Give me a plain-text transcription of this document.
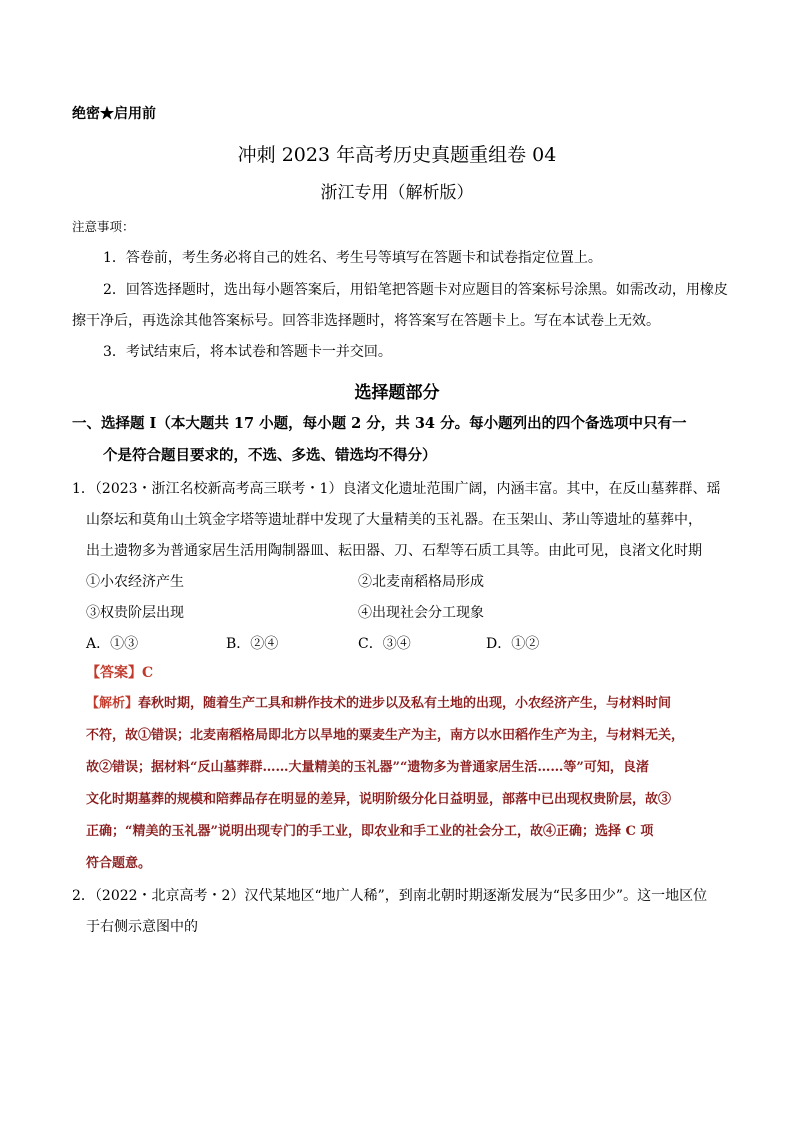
绝密★启用前
冲刺 2023 年高考历史真题重组卷 04
浙江专用（解析版）
注意事项：
1．答卷前，考生务必将自己的姓名、考生号等填写在答题卡和试卷指定位置上。
2．回答选择题时，选出每小题答案后，用铅笔把答题卡对应题目的答案标号涂黑。如需改动，用橡皮
擦干净后，再选涂其他答案标号。回答非选择题时，将答案写在答题卡上。写在本试卷上无效。
3．考试结束后，将本试卷和答题卡一并交回。
选择题部分
一、选择题 I（本大题共 17 小题，每小题 2 分，共 34 分。每小题列出的四个备选项中只有一
个是符合题目要求的，不选、多选、错选均不得分）
1．（2023・浙江名校新高考高三联考・1）良渚文化遗址范围广阔，内涵丰富。其中，在反山墓葬群、瑶
山祭坛和莫角山土筑金字塔等遗址群中发现了大量精美的玉礼器。在玉架山、茅山等遗址的墓葬中，
出土遗物多为普通家居生活用陶制器皿、耘田器、刀、石犁等石质工具等。由此可见，良渚文化时期
①小农经济产生	②北麦南稻格局形成
③权贵阶层出现	④出现社会分工现象
A．①③	B．②④	C．③④	D．①②
【答案】C
【解析】春秋时期，随着生产工具和耕作技术的进步以及私有土地的出现，小农经济产生，与材料时间
不符，故①错误；北麦南稻格局即北方以旱地的粟麦生产为主，南方以水田稻作生产为主，与材料无关，
故②错误；据材料“反山墓葬群……大量精美的玉礼器”“遗物多为普通家居生活……等”可知，良渚
文化时期墓葬的规模和陪葬品存在明显的差异，说明阶级分化日益明显，部落中已出现权贵阶层，故③
正确；“精美的玉礼器”说明出现专门的手工业，即农业和手工业的社会分工，故④正确；选择 C 项
符合题意。
2．（2022・北京高考・2）汉代某地区“地广人稀”，到南北朝时期逐渐发展为“民多田少”。这一地区位
于右侧示意图中的
